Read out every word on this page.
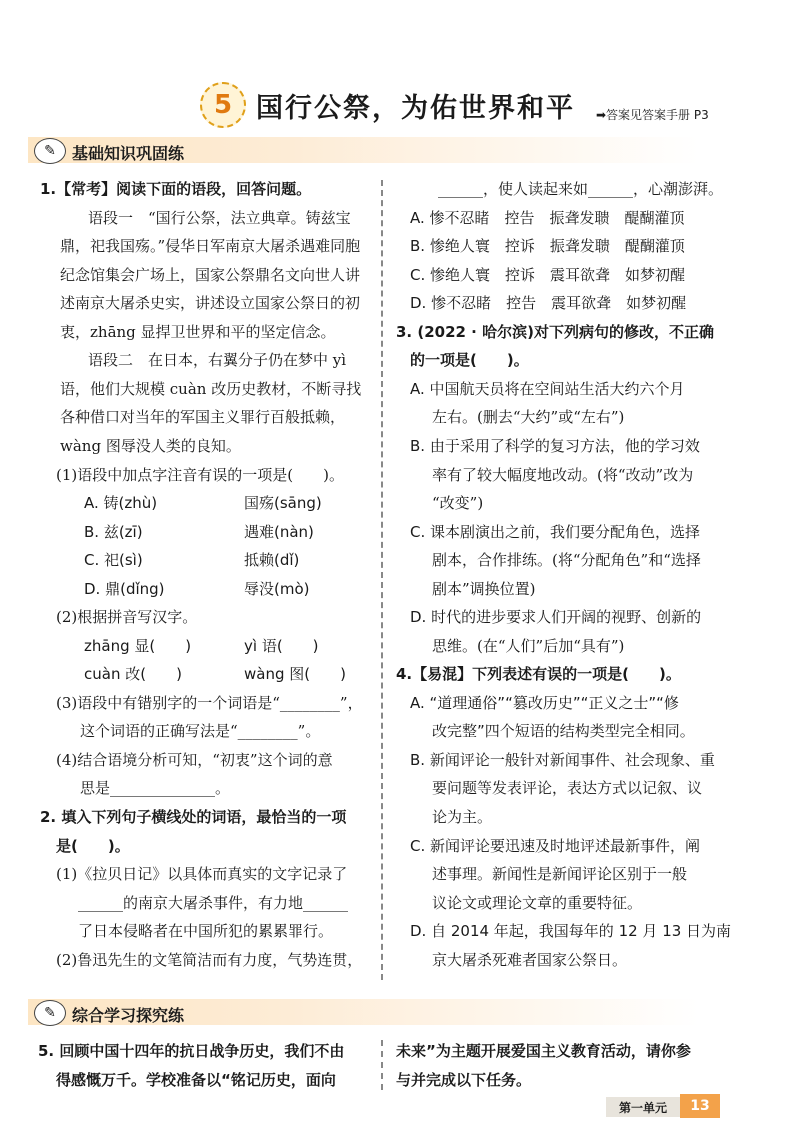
5 国行公祭，为佑世界和平 ➡答案见答案手册 P3
✎	基础知识巩固练
1.【常考】阅读下面的语段，回答问题。
语段一　“国行公祭，法立典章。铸兹宝
鼎，祀我国殇。”侵华日军南京大屠杀遇难同胞
纪念馆集会广场上，国家公祭鼎名文向世人讲
述南京大屠杀史实，讲述设立国家公祭日的初
衷，zhāng 显捍卫世界和平的坚定信念。
语段二　在日本，右翼分子仍在梦中 yì
语，他们大规模 cuàn 改历史教材，不断寻找
各种借口对当年的军国主义罪行百般抵赖，
wàng 图辱没人类的良知。
(1)语段中加点字注音有误的一项是(　　)。
A. 铸(zhù)	国殇(sāng)
B. 兹(zī)	遇难(nàn)
C. 祀(sì)	抵赖(dǐ)
D. 鼎(dǐng)	辱没(mò)
(2)根据拼音写汉字。
zhāng 显(　　)	yì 语(　　)
cuàn 改(　　)	wàng 图(　　)
(3)语段中有错别字的一个词语是“________”，
这个词语的正确写法是“________”。
(4)结合语境分析可知，“初衷”这个词的意
思是______________。
2. 填入下列句子横线处的词语，最恰当的一项
是(　　)。
(1)《拉贝日记》以具体而真实的文字记录了
______的南京大屠杀事件，有力地______
了日本侵略者在中国所犯的累累罪行。
(2)鲁迅先生的文笔简洁而有力度，气势连贯，
______，使人读起来如______，心潮澎湃。
A. 惨不忍睹　控告　振聋发聩　醍醐灌顶
B. 惨绝人寰　控诉　振聋发聩　醍醐灌顶
C. 惨绝人寰　控诉　震耳欲聋　如梦初醒
D. 惨不忍睹　控告　震耳欲聋　如梦初醒
3. (2022 · 哈尔滨)对下列病句的修改，不正确
的一项是(　　)。
A. 中国航天员将在空间站生活大约六个月
左右。(删去“大约”或“左右”)
B. 由于采用了科学的复习方法，他的学习效
率有了较大幅度地改动。(将“改动”改为
“改变”)
C. 课本剧演出之前，我们要分配角色，选择
剧本，合作排练。(将“分配角色”和“选择
剧本”调换位置)
D. 时代的进步要求人们开阔的视野、创新的
思维。(在“人们”后加“具有”)
4.【易混】下列表述有误的一项是(　　)。
A. “道理通俗”“篡改历史”“正义之士”“修
改完整”四个短语的结构类型完全相同。
B. 新闻评论一般针对新闻事件、社会现象、重
要问题等发表评论，表达方式以记叙、议
论为主。
C. 新闻评论要迅速及时地评述最新事件，阐
述事理。新闻性是新闻评论区别于一般
议论文或理论文章的重要特征。
D. 自 2014 年起，我国每年的 12 月 13 日为南
京大屠杀死难者国家公祭日。
✎	综合学习探究练
5. 回顾中国十四年的抗日战争历史，我们不由
得感慨万千。学校准备以“铭记历史，面向
未来”为主题开展爱国主义教育活动，请你参
与并完成以下任务。
第一单元	13
